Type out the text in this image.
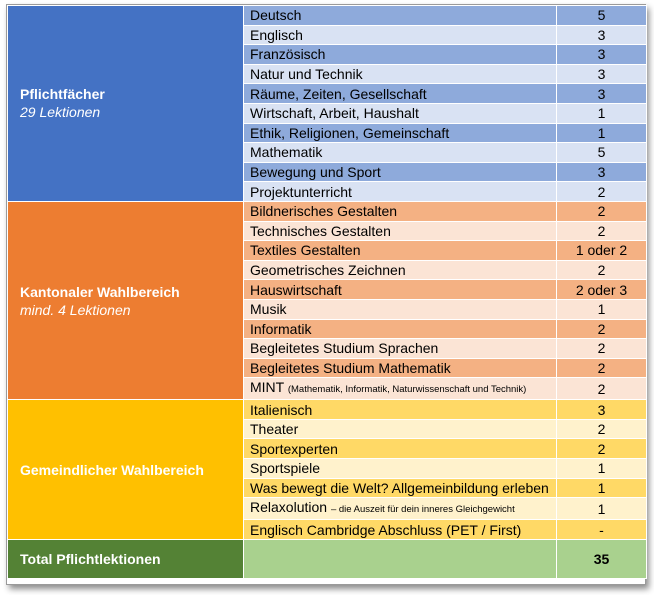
Pflichtfächer
29 Lektionen	Deutsch	5
	Englisch	3
	Französisch	3
	Natur und Technik	3
	Räume, Zeiten, Gesellschaft	3
	Wirtschaft, Arbeit, Haushalt	1
	Ethik, Religionen, Gemeinschaft	1
	Mathematik	5
	Bewegung und Sport	3
	Projektunterricht	2

Kantonaler Wahlbereich
mind. 4 Lektionen	Bildnerisches Gestalten	2
	Technisches Gestalten	2
	Textiles Gestalten	1 oder 2
	Geometrisches Zeichnen	2
	Hauswirtschaft	2 oder 3
	Musik	1
	Informatik	2
	Begleitetes Studium Sprachen	2
	Begleitetes Studium Mathematik	2
	MINT (Mathematik, Informatik, Naturwissenschaft und Technik)	2

Gemeindlicher Wahlbereich	Italienisch	3
	Theater	2
	Sportexperten	2
	Sportspiele	1
	Was bewegt die Welt? Allgemeinbildung erleben	1
	Relaxolution – die Auszeit für dein inneres Gleichgewicht	1
	Englisch Cambridge Abschluss (PET / First)	-
Total Pflichtlektionen		35
